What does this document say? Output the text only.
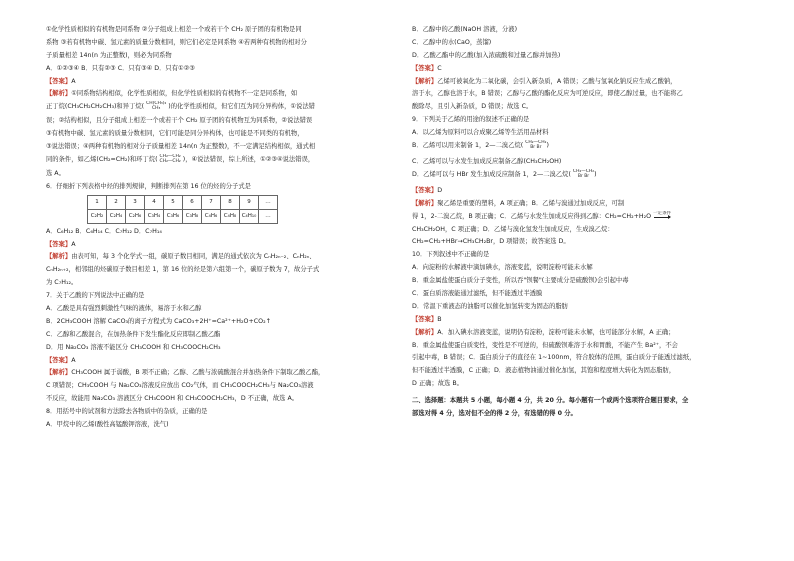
①化学性质相似的有机物是同系物 ②分子组成上相差一个或若干个 CH₂ 原子团的有机物是同
系物 ③若有机物中碳、氢元素的质量分数相同，则它们必定是同系物 ④若两种有机物的相对分
子质量相差 14n(n 为正整数)，则必为同系物
A．①②③④ B．只有②③ C．只有③④ D．只有①②③
【答案】A
【解析】①同系物结构相似，化学性质相似，但化学性质相似的有机物不一定是同系物，如
正丁烷(CH₃CH₂CH₂CH₃)和异丁烷( CH(CH₃)₂
CH₃ )的化学性质相似，但它们互为同分异构体，①说法错
误；②结构相似，且分子组成上相差一个或若干个 CH₂ 原子团的有机物互为同系物，②说法错误
③有机物中碳、氢元素的质量分数相同，它们可能是同分异构体，也可能是不同类的有机物，
③说法错误；④两种有机物的相对分子质量相差 14n(n 为正整数)，不一定满足结构相似，通式相
同的条件，如乙烯(CH₂=CH₂)和环丁烷( CH₂—CH₂
CH₂—CH₂ )，④说法错误，综上所述，①②③④说法错误，
选 A。
6．仔细折下列表格中烃的排列规律，判断排列在第 16 位的烃的分子式是
1	2	3	4	5	6	7	8	9	…
C₂H₂	C₂H₄	C₂H₆	C₃H₄	C₃H₆	C₃H₈	C₄H₆	C₄H₈	C₄H₁₀	…
A．C₆H₁₂ B．C₆H₁₄ C．C₇H₁₂ D．C₇H₁₄
【答案】A
【解析】由表可知，每 3 个化学式一组，碳原子数目相同，满足的通式依次为 CₙH₂ₙ₋₂、CₙH₂ₙ、
CₙH₂ₙ₊₂，相邻组的烃碳原子数目相差 1，第 16 位的烃是第六组第一个，碳原子数为 7，故分子式
为 C₇H₁₂。
7．关于乙酸的下列说法中正确的是
A．乙酸是具有强烈刺激性气味的液体，易溶于水和乙醇
B．2CH₃COOH 溶解 CaCO₃的离子方程式为 CaCO₃+2H⁺=Ca²⁺+H₂O+CO₂↑
C．乙醇和乙酸混合，在加热条件下发生酯化反应即制乙酸乙酯
D．用 Na₂CO₃ 溶液不能区分 CH₃COOH 和 CH₃COOCH₂CH₃
【答案】A
【解析】CH₃COOH 属于弱酸，B 项不正确；乙醇、乙酸与浓硫酸混合并加热条件下制取乙酸乙酯，
C 项错误；CH₃COOH 与 Na₂CO₃溶液反应放出 CO₂气体，而 CH₃COOCH₂CH₃与 Na₂CO₃溶液
不反应，故能用 Na₂CO₃ 溶液区分 CH₃COOH 和 CH₃COOCH₂CH₃，D 不正确，故选 A。
8．用括号中的试剂和方法除去各物质中的杂质，正确的是
A．甲烷中的乙烯(酸性高锰酸钾溶液，洗气)
B．乙醇中的乙酸(NaOH 溶液，分液)
C．乙醇中的水(CaO，蒸馏)
D．乙酸乙酯中的乙酸(加入浓硫酸和过量乙醇并加热)
【答案】C
【解析】乙烯可被氧化为二氧化碳，会引入新杂质，A 错误；乙酸与氢氧化钠反应生成乙酸钠，
溶于水，乙醇也溶于水，B 错误；乙醇与乙酸的酯化反应为可逆反应，即使乙醇过量，也不能将乙
酸除尽，且引入新杂质，D 错误；故选 C。
9．下列关于乙烯的用途的叙述不正确的是
A．以乙烯为原料可以合成聚乙烯等生活用品材料
B．乙烯可以用来制备 1，2—二溴乙烷( CH₂—CH₂
Br Br )
C．乙烯可以与水发生加成反应制备乙醇(CH₃CH₂OH)
D．乙烯可以与 HBr 发生加成反应制备 1，2—二溴乙烷( CH₂—CH₂
Br Br )
【答案】D
【解析】聚乙烯是重要的塑料，A 项正确；B．乙烯与溴通过加成反应，可制
得 1，2-二溴乙烷，B 项正确；C．乙烯与水发生加成反应得到乙醇：CH₂=CH₂+H₂O 一定条件

CH₃CH₂OH，C 项正确；D．乙烯与溴化氢发生加成反应，生成溴乙烷：
CH₂=CH₂+HBr→CH₃CH₂Br，D 项错误；故答案选 D。
10．下列叙述中不正确的是
A．向淀粉的水解液中滴加碘水，溶液变蓝，说明淀粉可能未水解
B．重金属盐使蛋白质分子变性，所以吞"钡餐"(主要成分是硫酸钡)会引起中毒
C．蛋白质溶液能通过滤纸，但不能透过半透膜
D．常温下重液态的油脂可以催化加氢转变为固态的脂肪
【答案】B
【解析】A．加入碘水溶液变蓝，说明仍有淀粉，淀粉可能未水解，也可能部分水解，A 正确；
B．重金属盐使蛋白质变性，变性是不可逆的，但硫酸钡难溶于水和胃酸，不能产生 Ba²⁺，不会
引起中毒，B 错误；C．蛋白质分子的直径在 1~100nm，符合胶体的范围，蛋白质分子能透过滤纸，
但不能透过半透膜，C 正确；D．液态植物油通过催化加氢，其饱和程度增大转化为固态脂肪，
D 正确；故选 B。
二、选择题：本题共 5 小题，每小题 4 分，共 20 分。每小题有一个或两个选项符合题目要求，全
部选对得 4 分，选对但不全的得 2 分，有选错的得 0 分。
